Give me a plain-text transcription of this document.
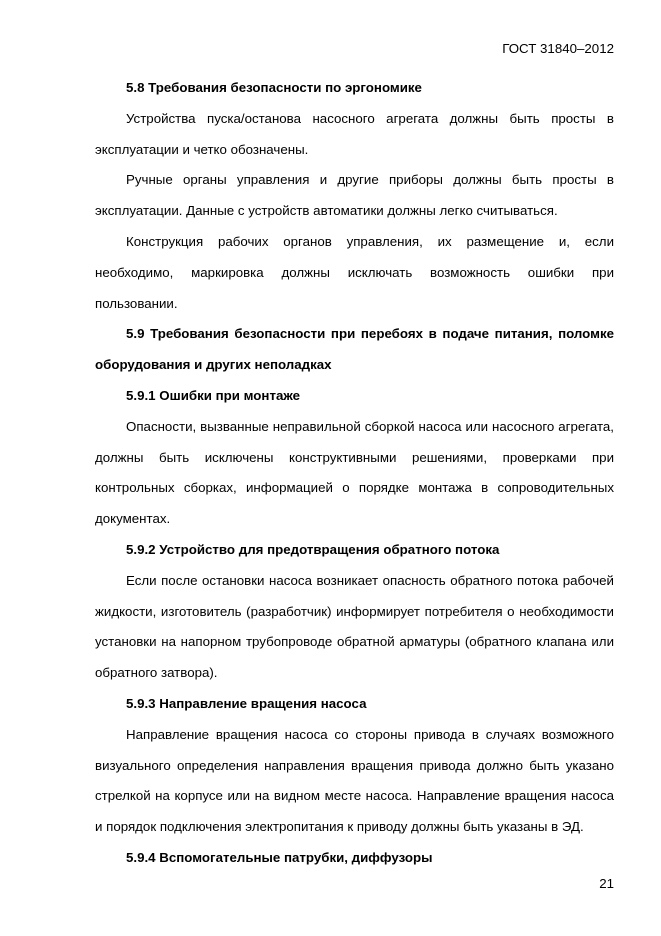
ГОСТ 31840–2012

5.8 Требования безопасности по эргономике

Устройства пуска/останова насосного агрегата должны быть просты в эксплуатации и четко обозначены.

Ручные органы управления и другие приборы должны быть просты в эксплуатации. Данные с устройств автоматики должны легко считываться.

Конструкция рабочих органов управления, их размещение и, если необходимо, маркировка должны исключать возможность ошибки при пользовании.

5.9 Требования безопасности при перебоях в подаче питания, поломке оборудования и других неполадках

5.9.1 Ошибки при монтаже

Опасности, вызванные неправильной сборкой насоса или насосного агрегата, должны быть исключены конструктивными решениями, проверками при контрольных сборках, информацией о порядке монтажа в сопроводительных документах.

5.9.2 Устройство для предотвращения обратного потока

Если после остановки насоса возникает опасность обратного потока рабочей жидкости, изготовитель (разработчик) информирует потребителя о необходимости установки на напорном трубопроводе обратной арматуры (обратного клапана или обратного затвора).

5.9.3 Направление вращения насоса

Направление вращения насоса со стороны привода в случаях возможного визуального определения направления вращения привода должно быть указано стрелкой на корпусе или на видном месте насоса. Направление вращения насоса и порядок подключения электропитания к приводу должны быть указаны в ЭД.

5.9.4 Вспомогательные патрубки, диффузоры

21
